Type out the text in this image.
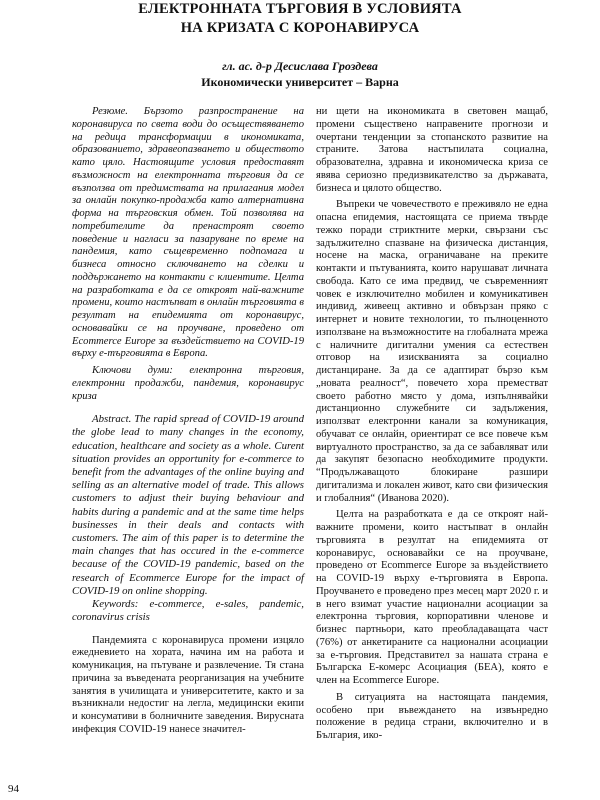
ЕЛЕКТРОННАТА ТЪРГОВИЯ В УСЛОВИЯТА
НА КРИЗАТА С КОРОНАВИРУСА
гл. ас. д-р Десислава Гроздева
Икономически университет – Варна

Резюме. Бързото разпространение на коронавируса по света води до осъществяването на редица трансформации в икономиката, образованието, здравеопазването и обществото като цяло. Настоящите условия предоставят възможност на електронната търговия да се възползва от предимствата на прилагания модел за онлайн покупко-продажба като алтернативна форма на търговския обмен. Той позволява на потребителите да пренастроят своето поведение и нагласи за пазаруване по време на пандемия, като същевременно подпомага и бизнеса относно сключването на сделки и поддържането на контакти с клиентите. Целта на разработката е да се откроят най-важните промени, които настъпват в онлайн търговията в резултат на епидемията от коронавирус, основавайки се на проучване, проведено от Ecommerce Europe за въздействието на COVID-19 върху е-търговията в Европа.

Ключови думи: електронна търговия, електронни продажби, пандемия, коронавирус криза

Abstract. The rapid spread of COVID-19 around the globe lead to many changes in the economy, education, healthcare and society as a whole. Curent situation provides an opportunity for e-commerce to benefit from the advantages of the online buying and selling as an alternative model of trade. This allows customers to adjust their buying behaviour and habits during a pandemic and at the same time helps businesses in their deals and contacts with customers. The aim of this paper is to determine the main changes that has occured in the e-commerce because of the COVID-19 pandemic, based on the research of Ecommerce Europe for the impact of COVID-19 on online shopping.

Keywords: e-commerce, e-sales, pandemic, coronavirus crisis

Пандемията с коронавируса промени изцяло ежедневието на хората, начина им на работа и комуникация, на пътуване и развлечение. Тя стана причина за въведената реорганизация на учебните занятия в училищата и университетите, както и за възникнали недостиг на легла, медицински екипи и консумативи в болничните заведения. Вирусната инфекция COVID-19 нанесе значител-

ни щети на икономиката в световен мащаб, промени съществено направените прогнози и очертани тенденции за стопанското развитие на страните. Затова настъпилата социална, образователна, здравна и икономическа криза се явява сериозно предизвикателство за държавата, бизнеса и цялото общество.

Въпреки че човечеството е преживяло не една опасна епидемия, настоящата се приема твърде тежко поради стриктните мерки, свързани със задължително спазване на физическа дистанция, носене на маска, ограничаване на преките контакти и пътуванията, които нарушават личната свобода. Като се има предвид, че съвременният човек е изключително мобилен и комуникативен индивид, живеещ активно и обвързан пряко с интернет и новите технологии, то пълноценното използване на възможностите на глобалната мрежа с наличните дигитални умения са естествен отговор на изискванията за социално дистанциране. За да се адаптират бързо към „новата реалност“, повечето хора преместват своето работно място у дома, изпълнявайки дистанционно служебните си задължения, използват електронни канали за комуникация, обучават се онлайн, ориентират се все повече към виртуалното пространство, за да се забавляват или да закупят безопасно необходимите продукти. “Продължаващото блокиране разшири дигитализма и локален живот, като сви физическия и глобалния“ (Иванова 2020).

Целта на разработката е да се откроят най-важните промени, които настъпват в онлайн търговията в резултат на епидемията от коронавирус, основавайки се на проучване, проведено от Ecommerce Europe за въздействието на COVID-19 върху е-търговията в Европа. Проучването е проведено през месец март 2020 г. и в него взимат участие национални асоциации за електронна търговия, корпоративни членове и бизнес партньори, като преобладаващата част (76%) от анкетираните са национални асоциации за е-търговия. Представител за нашата страна е Българска Е-комерс Асоциация (БЕА), която е член на Ecommerce Europe.

В ситуацията на настоящата пандемия, особено при въвеждането на извънредно положение в редица страни, включително и в България, ико-

94
